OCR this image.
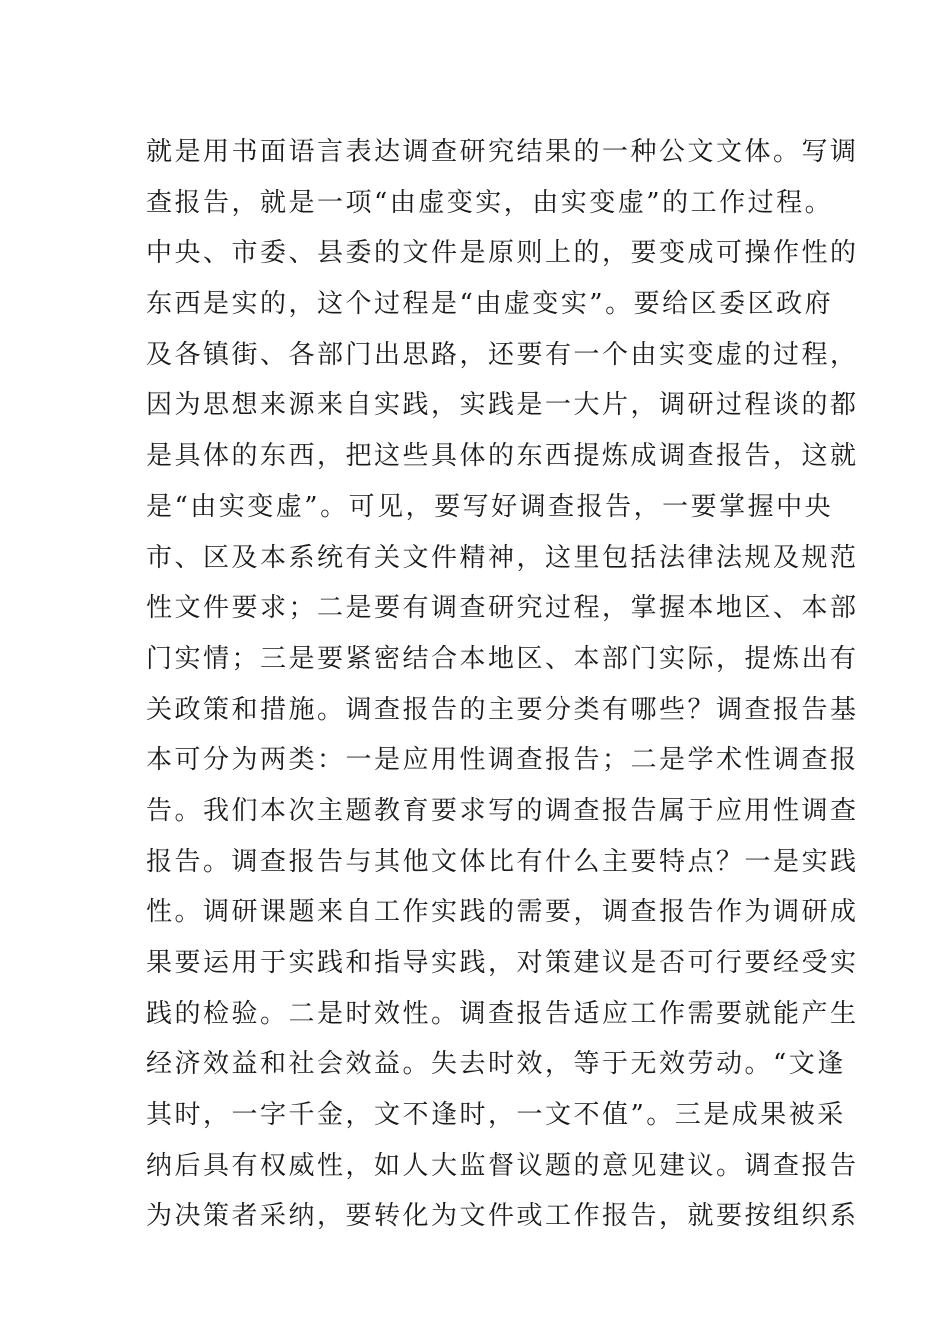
就是用书面语言表达调查研究结果的一种公文文体。写调
查报告，就是一项“由虚变实，由实变虚”的工作过程。
中央、市委、县委的文件是原则上的，要变成可操作性的
东西是实的，这个过程是“由虚变实”。要给区委区政府
及各镇街、各部门出思路，还要有一个由实变虚的过程，
因为思想来源来自实践，实践是一大片，调研过程谈的都
是具体的东西，把这些具体的东西提炼成调查报告，这就
是“由实变虚”。可见，要写好调查报告，一要掌握中央
市、区及本系统有关文件精神，这里包括法律法规及规范
性文件要求；二是要有调查研究过程，掌握本地区、本部
门实情；三是要紧密结合本地区、本部门实际，提炼出有
关政策和措施。调查报告的主要分类有哪些？调查报告基
本可分为两类：一是应用性调查报告；二是学术性调查报
告。我们本次主题教育要求写的调查报告属于应用性调查
报告。调查报告与其他文体比有什么主要特点？一是实践
性。调研课题来自工作实践的需要，调查报告作为调研成
果要运用于实践和指导实践，对策建议是否可行要经受实
践的检验。二是时效性。调查报告适应工作需要就能产生
经济效益和社会效益。失去时效，等于无效劳动。“文逢
其时，一字千金，文不逢时，一文不值”。三是成果被采
纳后具有权威性，如人大监督议题的意见建议。调查报告
为决策者采纳，要转化为文件或工作报告，就要按组织系
